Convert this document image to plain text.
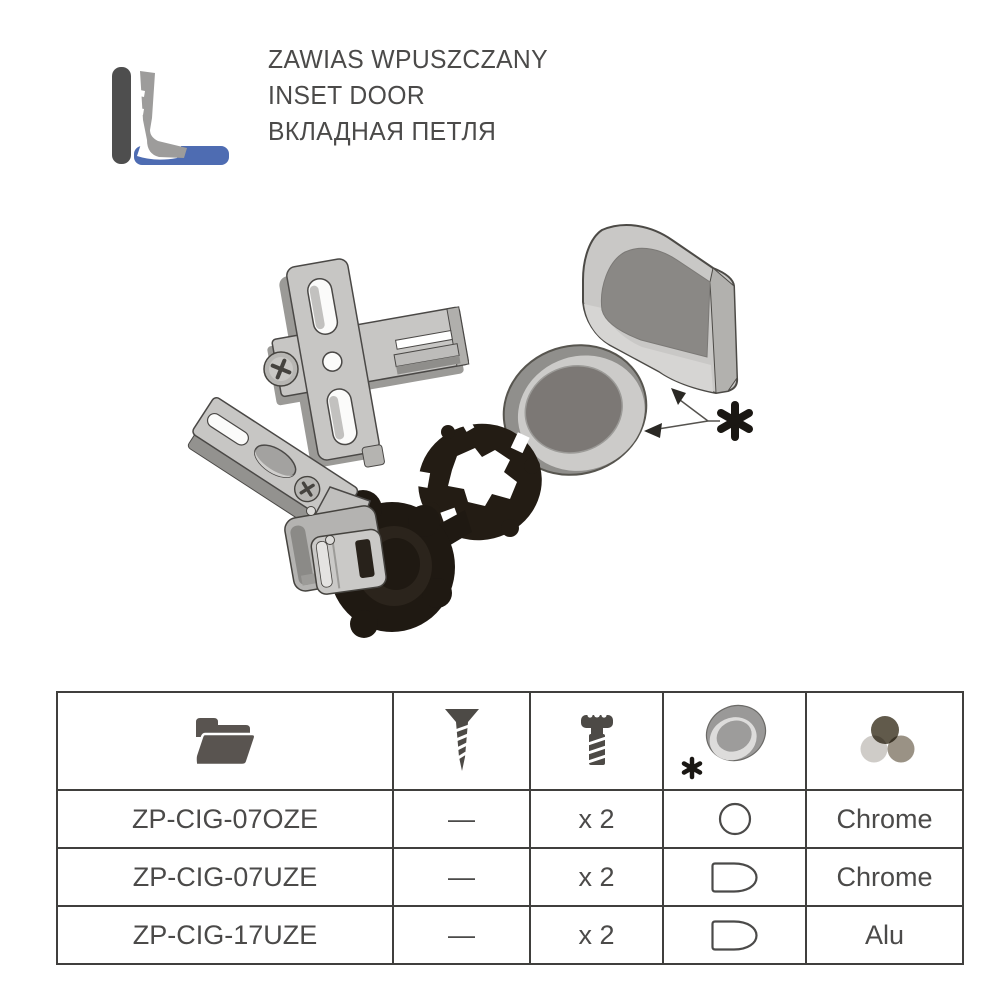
ZAWIAS WPUSZCZANY
INSET DOOR
ВКЛАДНАЯ ПЕТЛЯ

ZP-CIG-07OZE	—	x 2		Chrome
ZP-CIG-07UZE	—	x 2		Chrome
ZP-CIG-17UZE	—	x 2		Alu
